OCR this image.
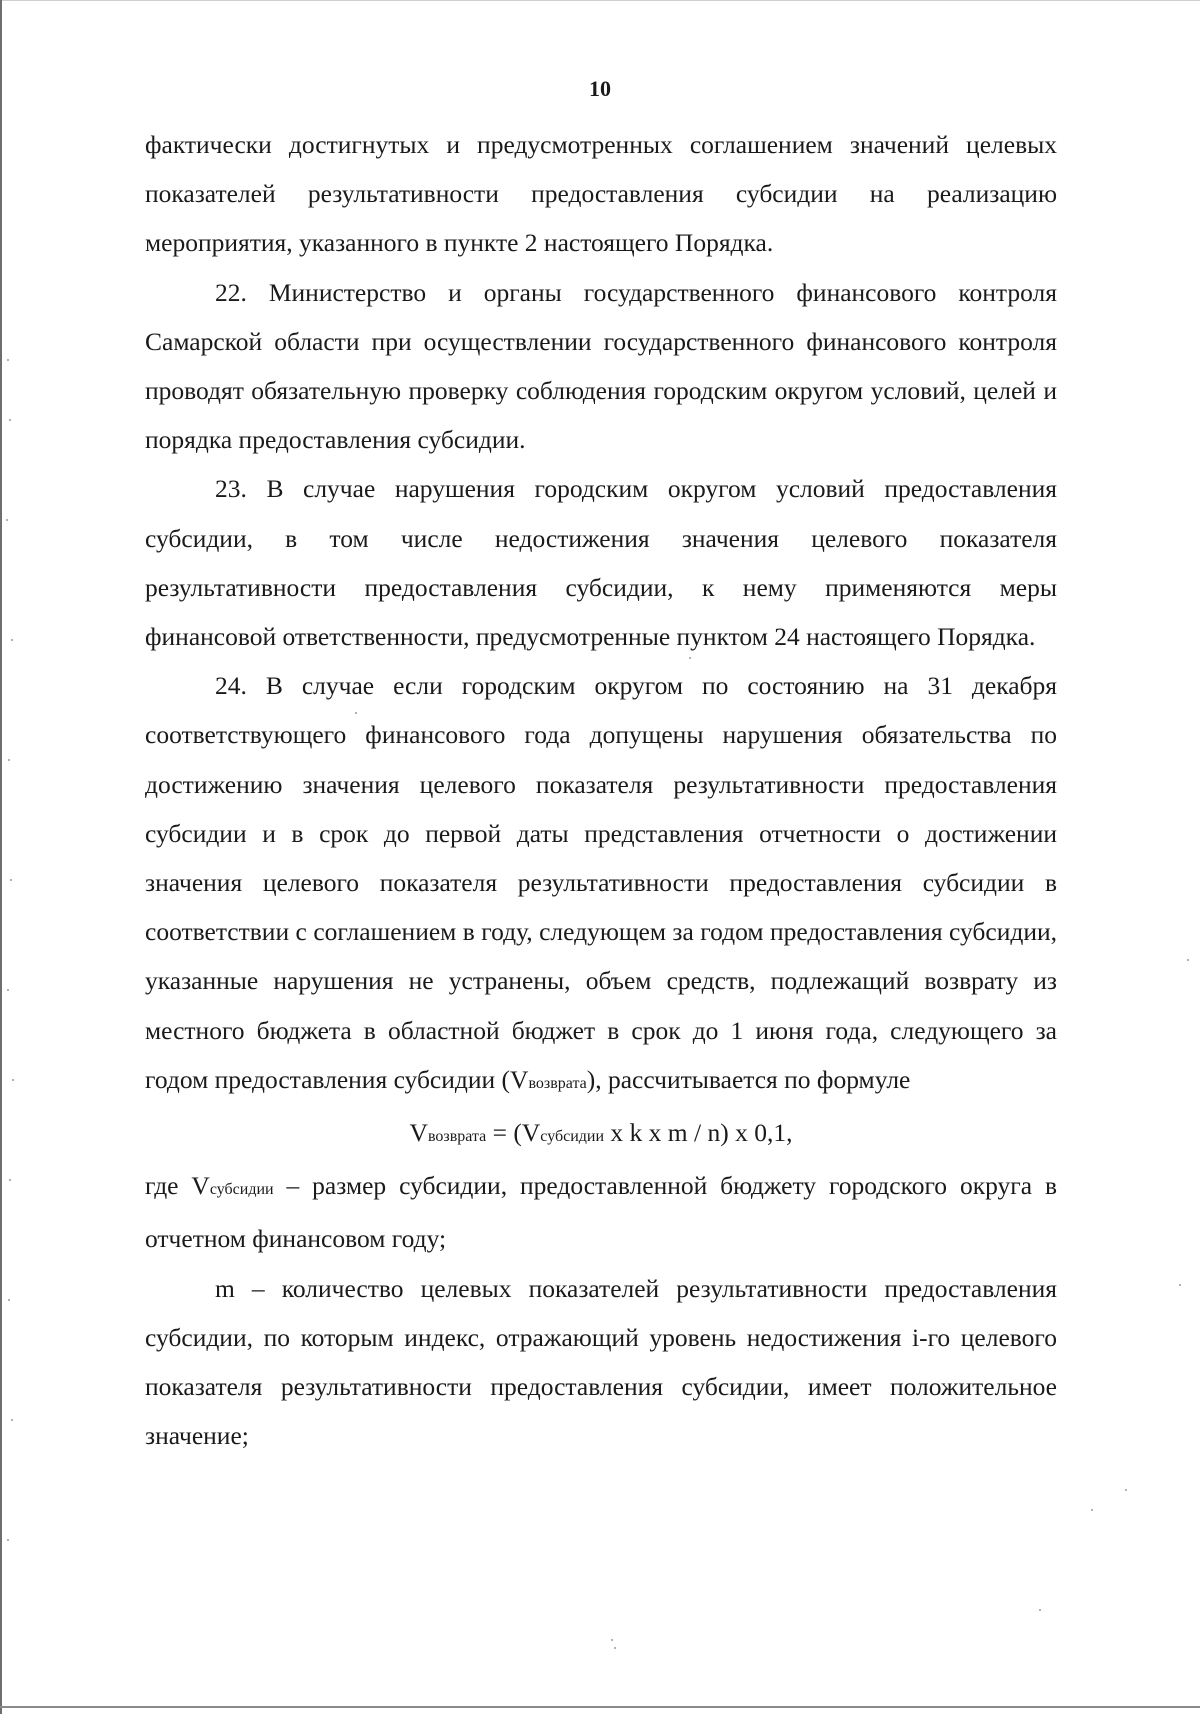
10

фактически достигнутых и предусмотренных соглашением значений целевых показателей результативности предоставления субсидии на реализацию мероприятия, указанного в пункте 2 настоящего Порядка.

22. Министерство и органы государственного финансового контроля Самарской области при осуществлении государственного финансового контроля проводят обязательную проверку соблюдения городским округом условий, целей и порядка предоставления субсидии.

23. В случае нарушения городским округом условий предоставления субсидии, в том числе недостижения значения целевого показателя результативности предоставления субсидии, к нему применяются меры финансовой ответственности, предусмотренные пунктом 24 настоящего Порядка.

24. В случае если городским округом по состоянию на 31 декабря соответствующего финансового года допущены нарушения обязательства по достижению значения целевого показателя результативности предоставления субсидии и в срок до первой даты представления отчетности о достижении значения целевого показателя результативности предоставления субсидии в соответствии с соглашением в году, следующем за годом предоставления субсидии, указанные нарушения не устранены, объем средств, подлежащий возврату из местного бюджета в областной бюджет в срок до 1 июня года, следующего за годом предоставления субсидии (Vвозврата), рассчитывается по формуле

Vвозврата = (Vсубсидии x k x m / n) x 0,1,

где Vсубсидии – размер субсидии, предоставленной бюджету городского округа в отчетном финансовом году;

m – количество целевых показателей результативности предоставления субсидии, по которым индекс, отражающий уровень недостижения i-го целевого показателя результативности предоставления субсидии, имеет положительное значение;
